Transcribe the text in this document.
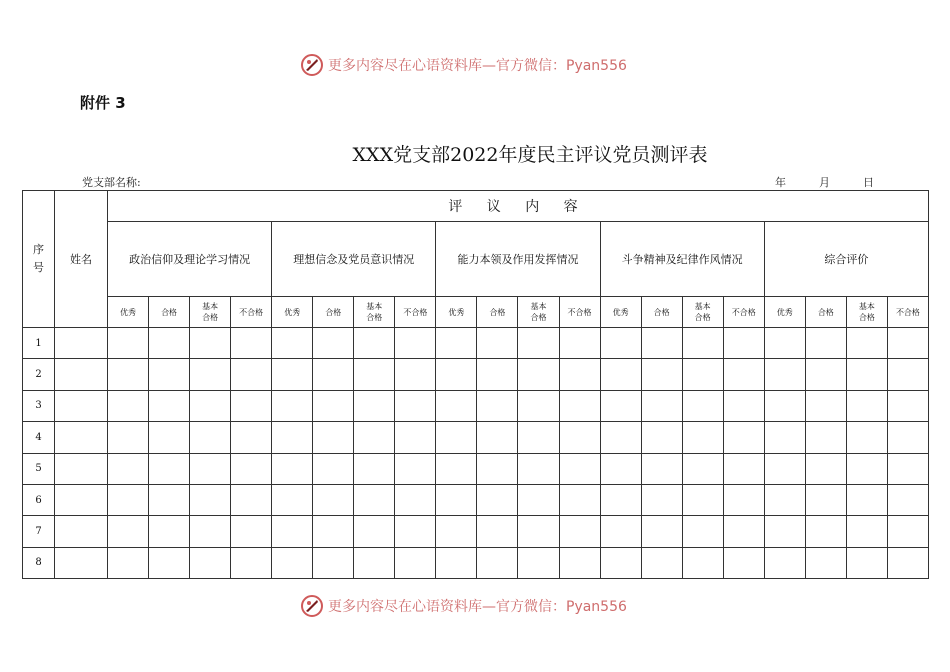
更多内容尽在心语资料库—官方微信：Pyan556
附件 3
XXX党支部2022年度民主评议党员测评表
党支部名称:	年	月	日
序号	姓名	评 议 内 容																			
		政治信仰及理论学习情况				理想信念及党员意识情况				能力本领及作用发挥情况				斗争精神及纪律作风情况				综合评价			
		优秀	合格	基本合格	不合格	优秀	合格	基本合格	不合格	优秀	合格	基本合格	不合格	优秀	合格	基本合格	不合格	优秀	合格	基本合格	不合格
1																					
2																					
3																					
4																					
5																					
6																					
7																					
8																					
更多内容尽在心语资料库—官方微信：Pyan556
